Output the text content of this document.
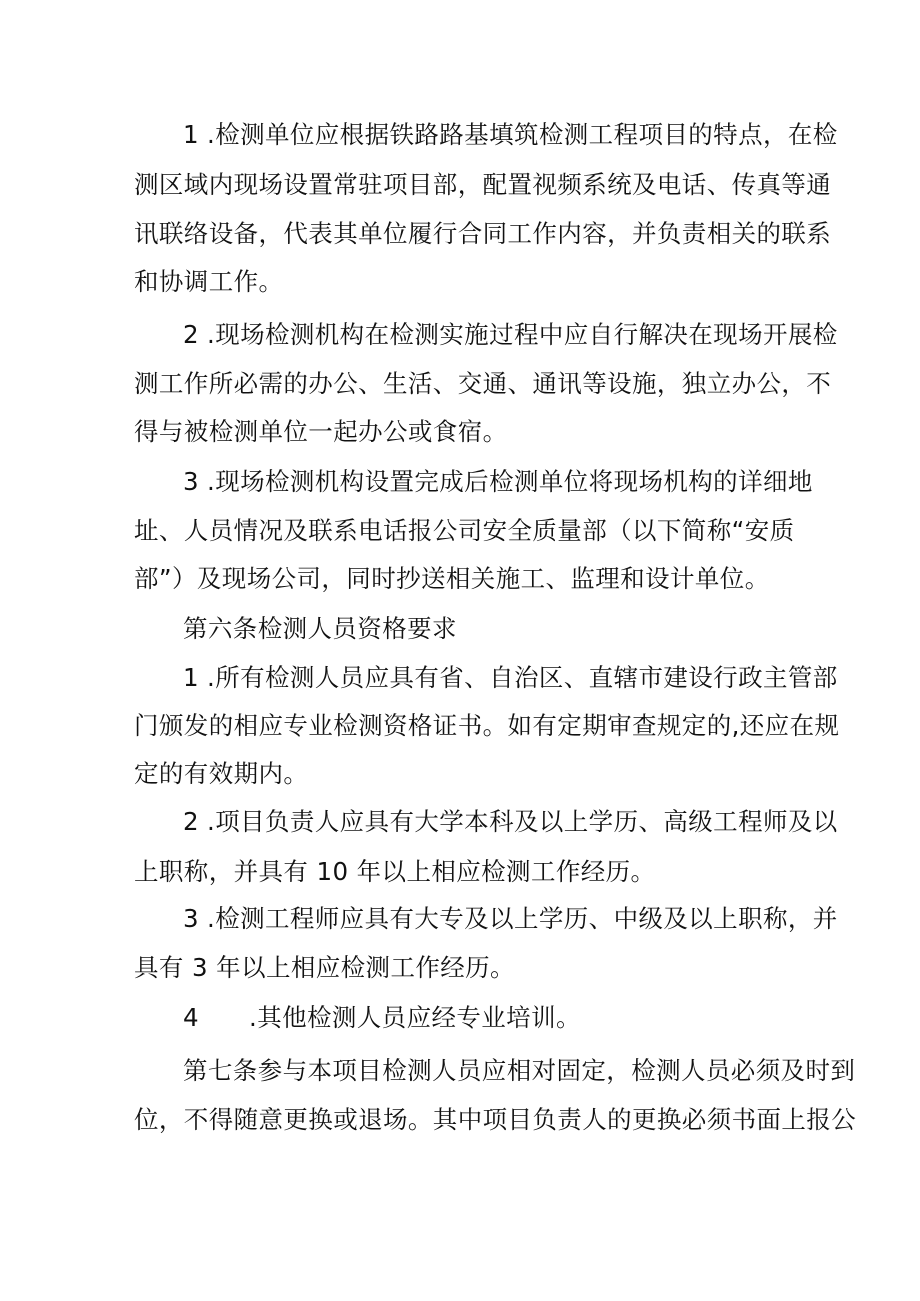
1 .检测单位应根据铁路路基填筑检测工程项目的特点，在检
测区域内现场设置常驻项目部，配置视频系统及电话、传真等通
讯联络设备，代表其单位履行合同工作内容，并负责相关的联系
和协调工作。
2 .现场检测机构在检测实施过程中应自行解决在现场开展检
测工作所必需的办公、生活、交通、通讯等设施，独立办公，不
得与被检测单位一起办公或食宿。
3 .现场检测机构设置完成后检测单位将现场机构的详细地
址、人员情况及联系电话报公司安全质量部（以下简称“安质
部”）及现场公司，同时抄送相关施工、监理和设计单位。
第六条检测人员资格要求
1 .所有检测人员应具有省、自治区、直辖市建设行政主管部
门颁发的相应专业检测资格证书。如有定期审查规定的,还应在规
定的有效期内。
2 .项目负责人应具有大学本科及以上学历、高级工程师及以
上职称，并具有 10 年以上相应检测工作经历。
3 .检测工程师应具有大专及以上学历、中级及以上职称，并
具有 3 年以上相应检测工作经历。
4 .其他检测人员应经专业培训。
第七条参与本项目检测人员应相对固定，检测人员必须及时到
位，不得随意更换或退场。其中项目负责人的更换必须书面上报公
